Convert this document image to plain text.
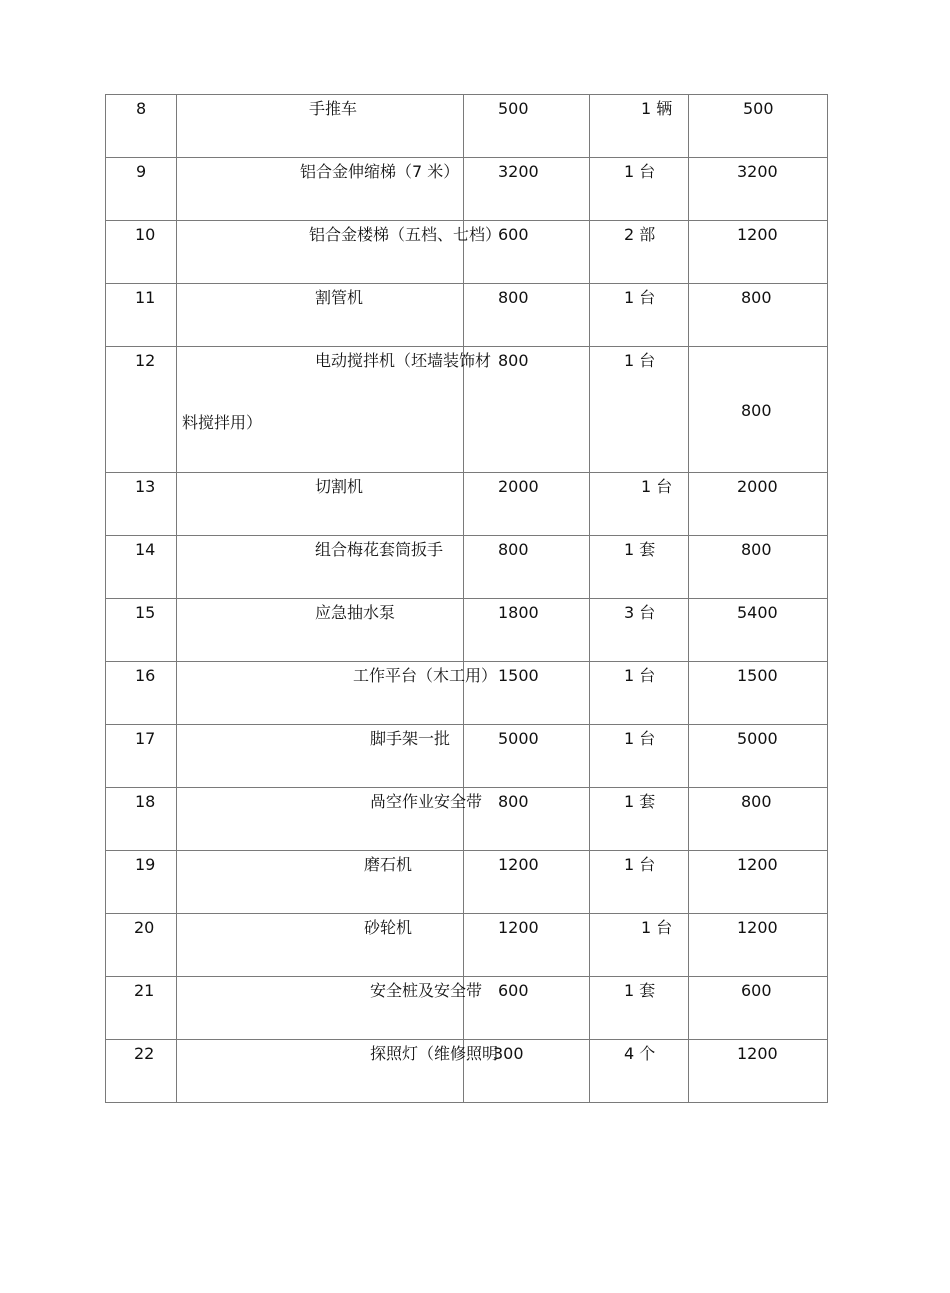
8	手推车	500	1 辆	500

9	铝合金伸缩梯（7 米）	3200	1 台	3200

10	铝合金楼梯（五档、七档）	600	2 部	1200

11	割管机	800	1 台	800

12	电动搅拌机（坯墙装饰材
料搅拌用）	800	1 台	800

13	切割机	2000	1 台	2000

14	组合梅花套筒扳手	800	1 套	800

15	应急抽水泵	1800	3 台	5400

16	工作平台（木工用）	1500	1 台	1500

17	脚手架一批	5000	1 台	5000

18	咼空作业安全带	800	1 套	800

19	磨石机	1200	1 台	1200

20	砂轮机	1200	1 台	1200

21	安全桩及安全带	600	1 套	600

22	探照灯（维修照明	300	4 个	1200
